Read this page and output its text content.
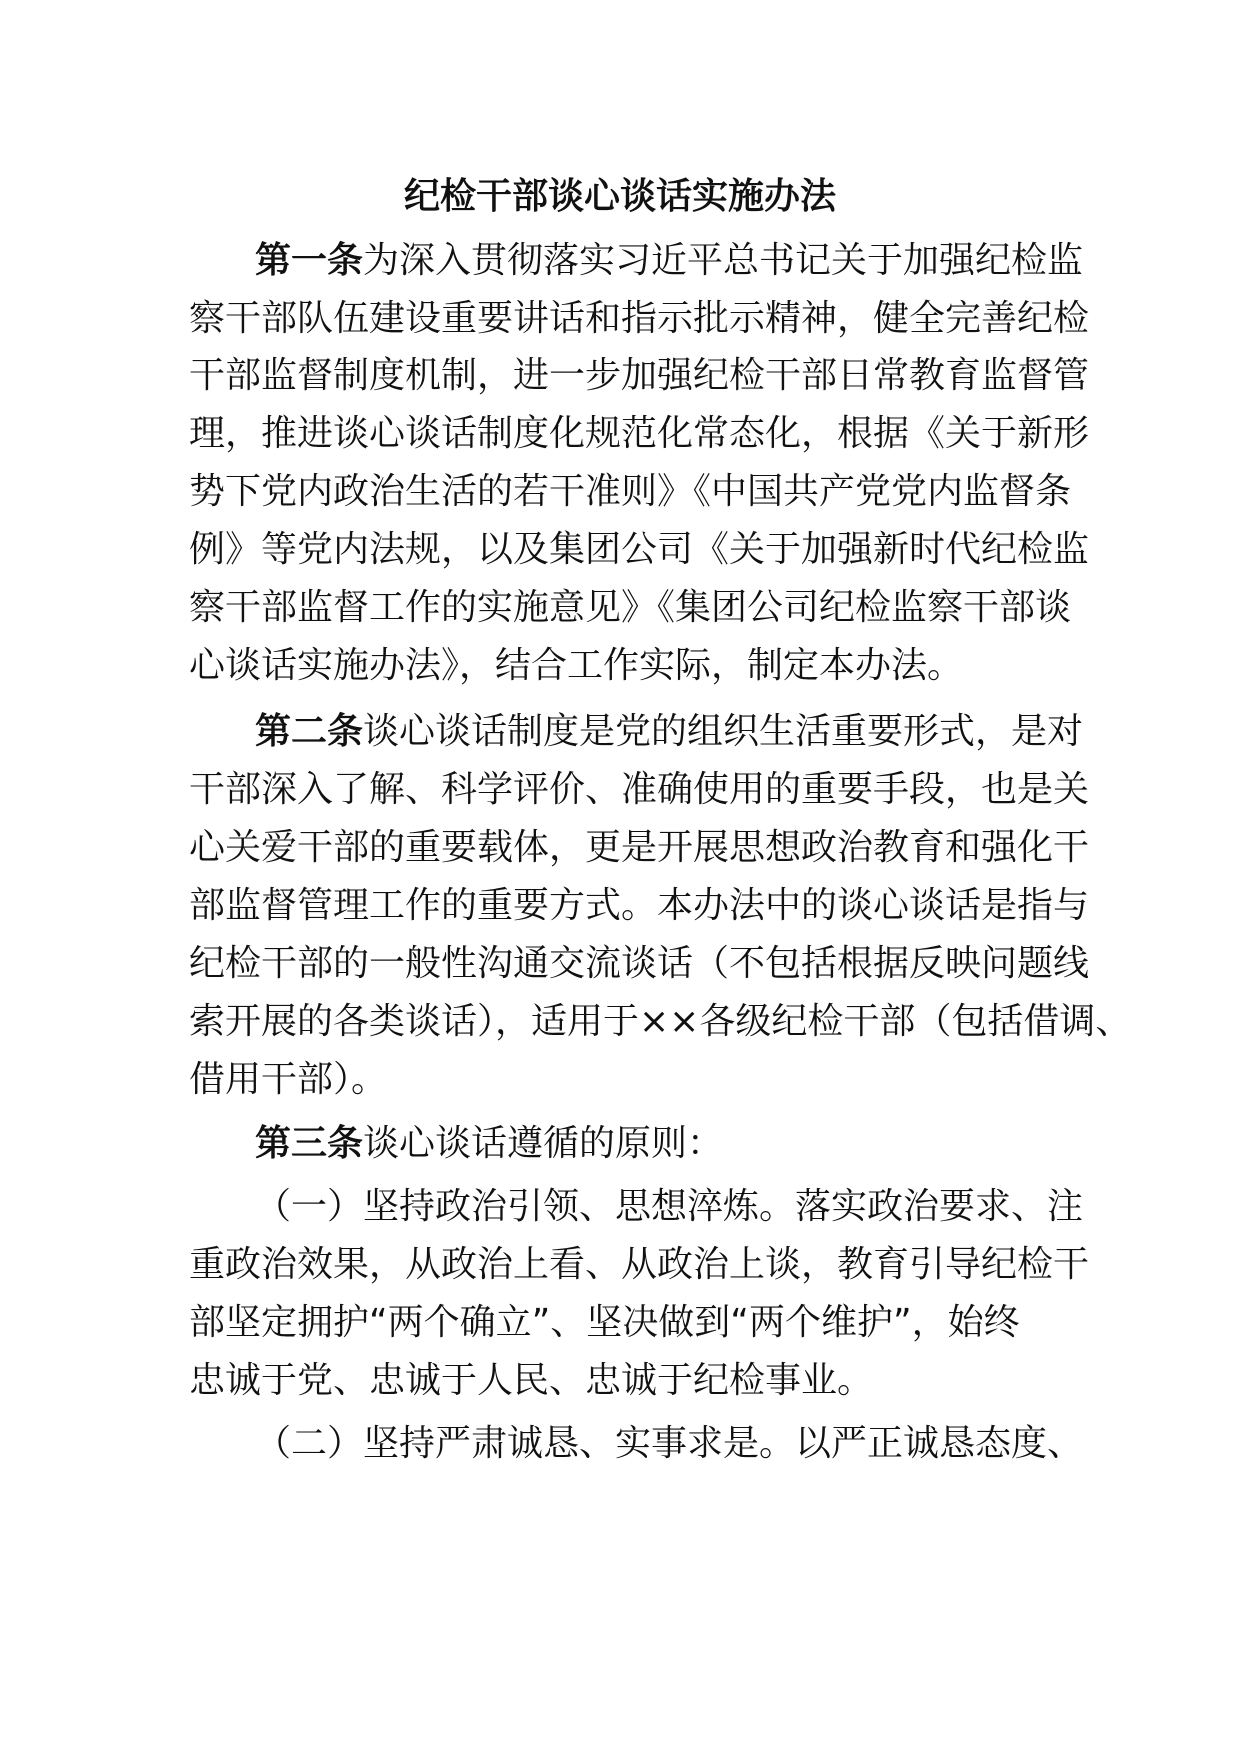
纪检干部谈心谈话实施办法
第一条为深入贯彻落实习近平总书记关于加强纪检监
察干部队伍建设重要讲话和指示批示精神，健全完善纪检
干部监督制度机制，进一步加强纪检干部日常教育监督管
理，推进谈心谈话制度化规范化常态化，根据《关于新形
势下党内政治生活的若干准则》《中国共产党党内监督条
例》等党内法规，以及集团公司《关于加强新时代纪检监
察干部监督工作的实施意见》《集团公司纪检监察干部谈
心谈话实施办法》，结合工作实际，制定本办法。
第二条谈心谈话制度是党的组织生活重要形式，是对
干部深入了解、科学评价、准确使用的重要手段，也是关
心关爱干部的重要载体，更是开展思想政治教育和强化干
部监督管理工作的重要方式。本办法中的谈心谈话是指与
纪检干部的一般性沟通交流谈话（不包括根据反映问题线
索开展的各类谈话），适用于××各级纪检干部（包括借调、
借用干部）。
第三条谈心谈话遵循的原则：
（一）坚持政治引领、思想淬炼。落实政治要求、注
重政治效果，从政治上看、从政治上谈，教育引导纪检干
部坚定拥护“两个确立”、坚决做到“两个维护”，始终
忠诚于党、忠诚于人民、忠诚于纪检事业。
（二）坚持严肃诚恳、实事求是。以严正诚恳态度、
